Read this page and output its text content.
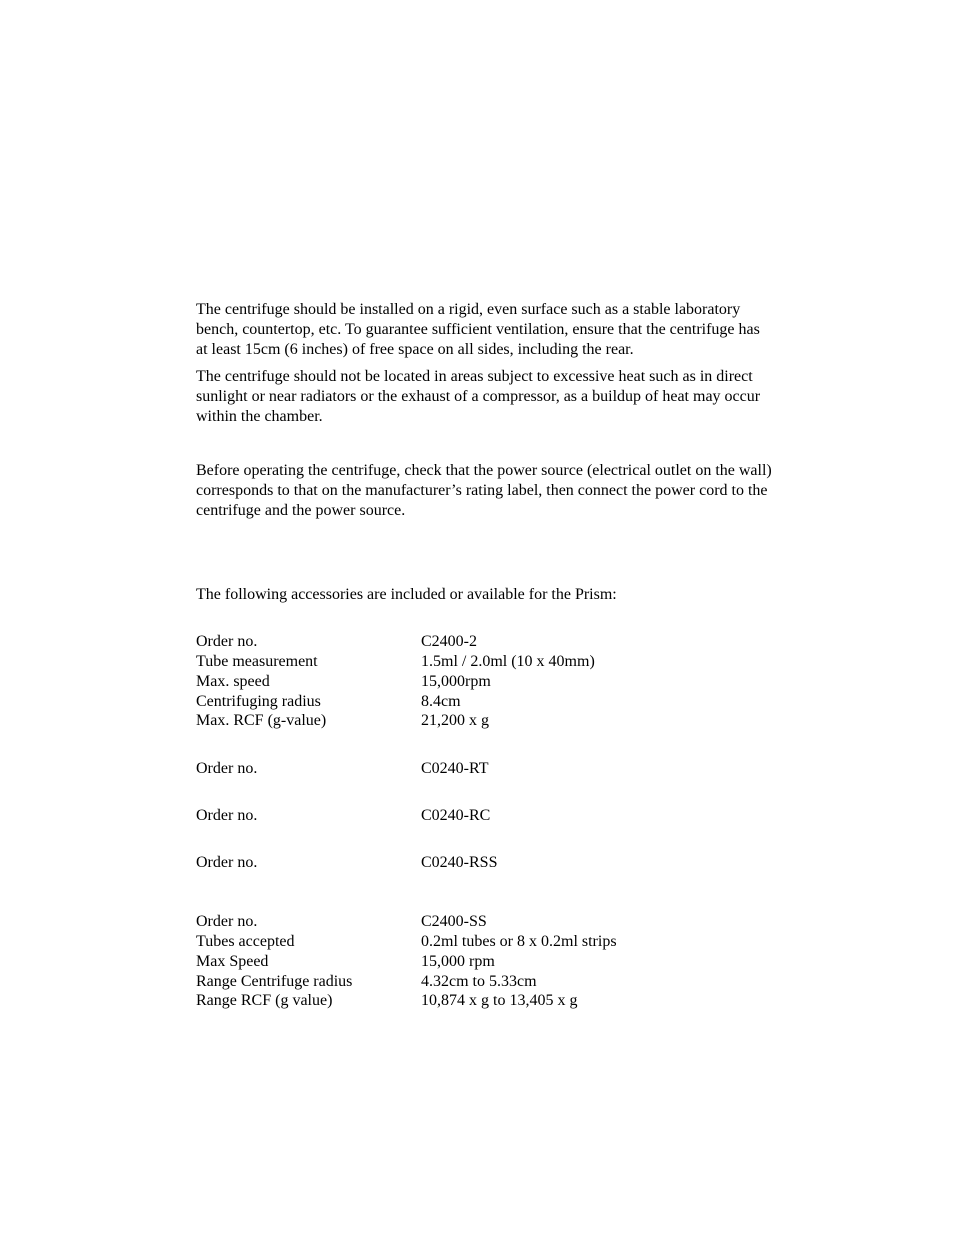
The centrifuge should be installed on a rigid, even surface such as a stable laboratory
bench, countertop, etc. To guarantee sufficient ventilation, ensure that the centrifuge has
at least 15cm (6 inches) of free space on all sides, including the rear.
The centrifuge should not be located in areas subject to excessive heat such as in direct
sunlight or near radiators or the exhaust of a compressor, as a buildup of heat may occur
within the chamber.
Before operating the centrifuge, check that the power source (electrical outlet on the wall)
corresponds to that on the manufacturer’s rating label, then connect the power cord to the
centrifuge and the power source.
The following accessories are included or available for the Prism:
Order no.	C2400-2
Tube measurement	1.5ml / 2.0ml (10 x 40mm)
Max. speed	15,000rpm
Centrifuging radius	8.4cm
Max. RCF (g-value)	21,200 x g
Order no.	C0240-RT
Order no.	C0240-RC
Order no.	C0240-RSS
Order no.	C2400-SS
Tubes accepted	0.2ml tubes or 8 x 0.2ml strips
Max Speed	15,000 rpm
Range Centrifuge radius	4.32cm to 5.33cm
Range RCF (g value)	10,874 x g to 13,405 x g
